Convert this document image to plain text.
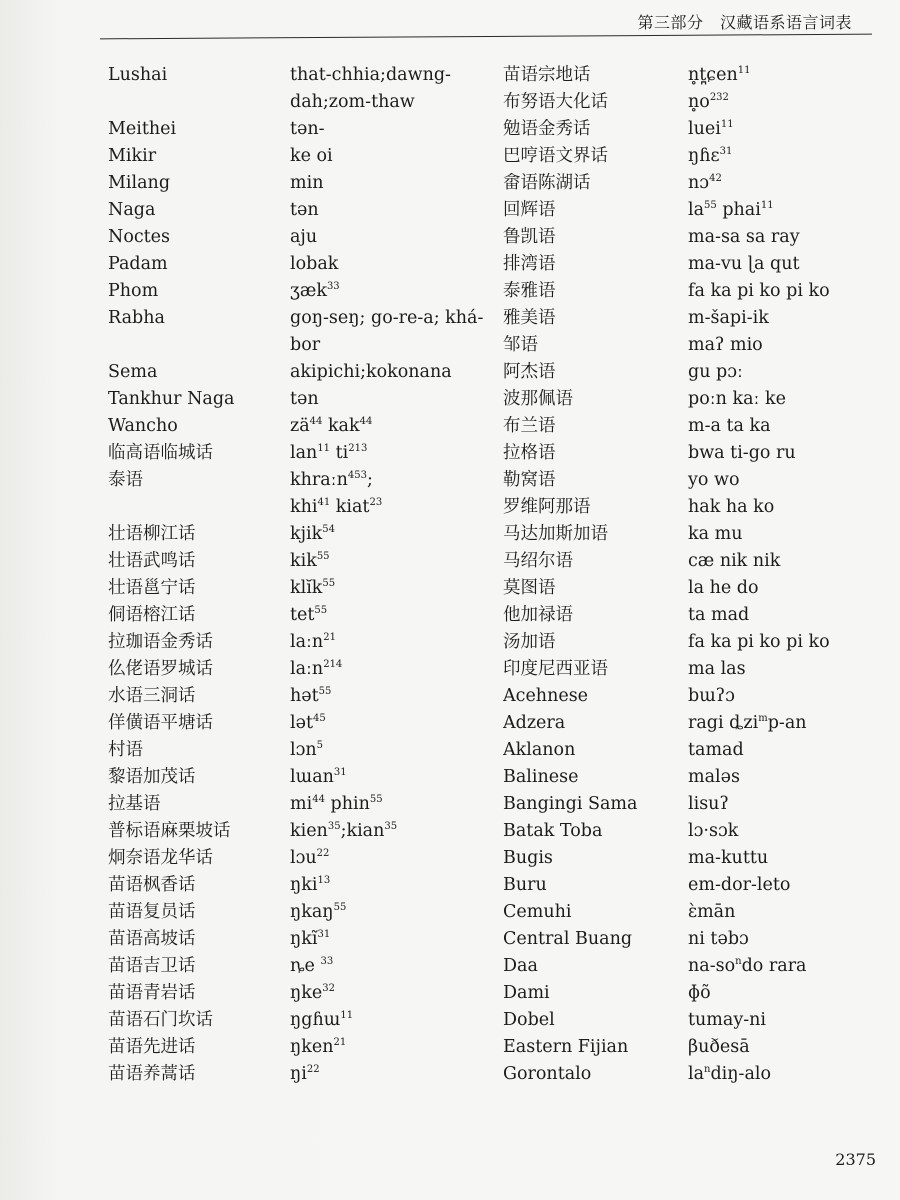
第三部分　汉藏语系语言词表
Lushai
Meithei
Mikir
Milang
Naga
Noctes
Padam
Phom
Rabha
Sema
Tankhur Naga
Wancho
临高语临城话
泰语
壮语柳江话
壮语武鸣话
壮语邕宁话
侗语榕江话
拉珈语金秀话
仫佬语罗城话
水语三洞话
佯僙语平塘话
村语
黎语加茂话
拉基语
普标语麻栗坡话
炯奈语龙华话
苗语枫香话
苗语复员话
苗语高坡话
苗语吉卫话
苗语青岩话
苗语石门坎话
苗语先进话
苗语养蒿话
that-chhia;dawng-dah;zom-thaw
tən-
ke oi
min
tən
aju
lobak
ʒæk$^{33}$
goŋ-seŋ; go-re-a; khá-bor
akipichi;kokonana
tən
$zä^{44}$ kak$^{44}$
lan$^{11}$ $ti^{213}$
khraːn$^{453}$;
khi$^{41}$ kiat$^{23}$
kjik$^{54}$
kik$^{55}$
klĭk$^{55}$
tet$^{55}$
laːn$^{21}$
laːn$^{214}$
hət$^{55}$
lət$^{45}$
lɔn$^5$
lɯan$^{31}$
$mi^{44}$ phin$^{55}$
kien$^{35}$;kian$^{35}$
lɔu$^{22}$
ŋki$^{13}$
ŋkaŋ$^{55}$
ŋkĩ$^{31}$
ȵe $^{33}$
ŋke$^{32}$
ŋgɦɯ$^{11}$
ŋken$^{21}$
$ŋi^{22}$
苗语宗地话
布努语大化话
勉语金秀话
巴哼语文界话
畲语陈湖话
回辉语
鲁凯语
排湾语
泰雅语
雅美语
邹语
阿杰语
波那佩语
布兰语
拉格语
勒窝语
罗维阿那语
马达加斯加语
马绍尔语
莫图语
他加禄语
汤加语
印度尼西亚语
Acehnese
Adzera
Aklanon
Balinese
Bangingi Sama
Batak Toba
Bugis
Buru
Cemuhi
Central Buang
Daa
Dami
Dobel
Eastern Fijian
Gorontalo
n̥t̪ɕen$^{11}$
$n̥o^{232}$
luei$^{11}$
ŋɦɛ$^{31}$
nɔ$^{42}$
$la^{55}$ phai$^{11}$
ma-sa sa ray
ma-vu ɭa qut
fa ka pi ko pi ko
m-šapi-ik
maʔ mio
gu pɔː
poːn kaː ke
m-a ta ka
bwa ti-go ru
yo wo
hak ha ko
ka mu
cæ nik nik
la he do
ta mad
fa ka pi ko pi ko
ma las
bɯʔɔ
ragi ȡzi$^m$p-an
tamad
maləs
lisuʔ
lɔ·sɔk
ma-kuttu
em-dor-leto
ɛ̀mān
ni təbɔ
$na-so^ndo$ rara
ɸõ
tumay-ni
βuðesā
$la^ndiŋ$-alo
2375
